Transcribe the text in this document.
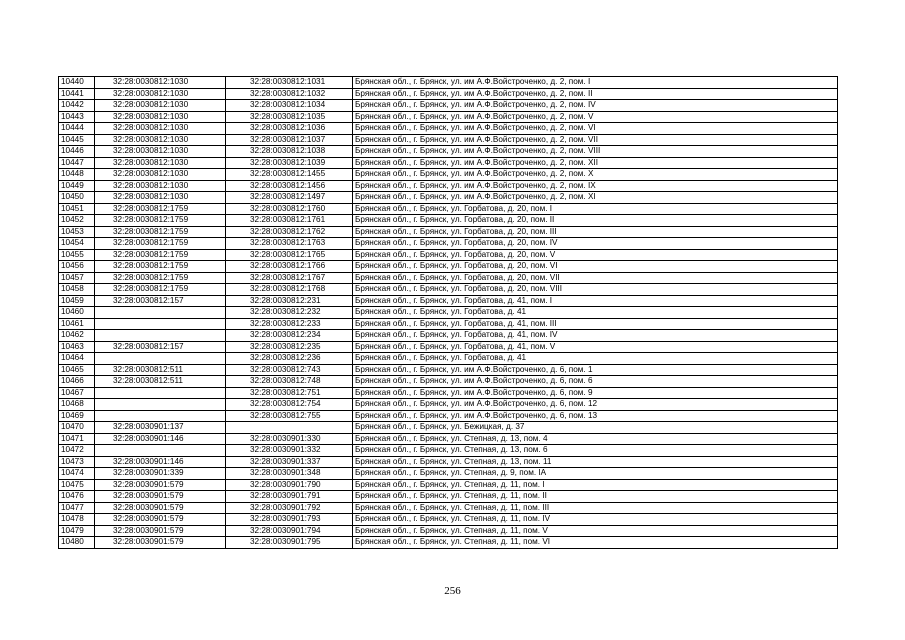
10440	32:28:0030812:1030	32:28:0030812:1031	Брянская обл., г. Брянск, ул. им А.Ф.Войстроченко, д. 2, пом. I
10441	32:28:0030812:1030	32:28:0030812:1032	Брянская обл., г. Брянск, ул. им А.Ф.Войстроченко, д. 2, пом. II
10442	32:28:0030812:1030	32:28:0030812:1034	Брянская обл., г. Брянск, ул. им А.Ф.Войстроченко, д. 2, пом. IV
10443	32:28:0030812:1030	32:28:0030812:1035	Брянская обл., г. Брянск, ул. им А.Ф.Войстроченко, д. 2, пом. V
10444	32:28:0030812:1030	32:28:0030812:1036	Брянская обл., г. Брянск, ул. им А.Ф.Войстроченко, д. 2, пом. VI
10445	32:28:0030812:1030	32:28:0030812:1037	Брянская обл., г. Брянск, ул. им А.Ф.Войстроченко, д. 2, пом. VII
10446	32:28:0030812:1030	32:28:0030812:1038	Брянская обл., г. Брянск, ул. им А.Ф.Войстроченко, д. 2, пом. VIII
10447	32:28:0030812:1030	32:28:0030812:1039	Брянская обл., г. Брянск, ул. им А.Ф.Войстроченко, д. 2, пом. XII
10448	32:28:0030812:1030	32:28:0030812:1455	Брянская обл., г. Брянск, ул. им А.Ф.Войстроченко, д. 2, пом. X
10449	32:28:0030812:1030	32:28:0030812:1456	Брянская обл., г. Брянск, ул. им А.Ф.Войстроченко, д. 2, пом. IX
10450	32:28:0030812:1030	32:28:0030812:1497	Брянская обл., г. Брянск, ул. им А.Ф.Войстроченко, д. 2, пом. XI
10451	32:28:0030812:1759	32:28:0030812:1760	Брянская обл., г. Брянск, ул. Горбатова, д. 20, пом. I
10452	32:28:0030812:1759	32:28:0030812:1761	Брянская обл., г. Брянск, ул. Горбатова, д. 20, пом. II
10453	32:28:0030812:1759	32:28:0030812:1762	Брянская обл., г. Брянск, ул. Горбатова, д. 20, пом. III
10454	32:28:0030812:1759	32:28:0030812:1763	Брянская обл., г. Брянск, ул. Горбатова, д. 20, пом. IV
10455	32:28:0030812:1759	32:28:0030812:1765	Брянская обл., г. Брянск, ул. Горбатова, д. 20, пом. V
10456	32:28:0030812:1759	32:28:0030812:1766	Брянская обл., г. Брянск, ул. Горбатова, д. 20, пом. VI
10457	32:28:0030812:1759	32:28:0030812:1767	Брянская обл., г. Брянск, ул. Горбатова, д. 20, пом. VII
10458	32:28:0030812:1759	32:28:0030812:1768	Брянская обл., г. Брянск, ул. Горбатова, д. 20, пом. VIII
10459	32:28:0030812:157	32:28:0030812:231	Брянская обл., г. Брянск, ул. Горбатова, д. 41, пом. I
10460		32:28:0030812:232	Брянская обл., г. Брянск, ул. Горбатова, д. 41
10461		32:28:0030812:233	Брянская обл., г. Брянск, ул. Горбатова, д. 41, пом. III
10462		32:28:0030812:234	Брянская обл., г. Брянск, ул. Горбатова, д. 41, пом. IV
10463	32:28:0030812:157	32:28:0030812:235	Брянская обл., г. Брянск, ул. Горбатова, д. 41, пом. V
10464		32:28:0030812:236	Брянская обл., г. Брянск, ул. Горбатова, д. 41
10465	32:28:0030812:511	32:28:0030812:743	Брянская обл., г. Брянск, ул. им А.Ф.Войстроченко, д. 6, пом. 1
10466	32:28:0030812:511	32:28:0030812:748	Брянская обл., г. Брянск, ул. им А.Ф.Войстроченко, д. 6, пом. 6
10467		32:28:0030812:751	Брянская обл., г. Брянск, ул. им А.Ф.Войстроченко, д. 6, пом. 9
10468		32:28:0030812:754	Брянская обл., г. Брянск, ул. им А.Ф.Войстроченко, д. 6, пом. 12
10469		32:28:0030812:755	Брянская обл., г. Брянск, ул. им А.Ф.Войстроченко, д. 6, пом. 13
10470	32:28:0030901:137		Брянская обл., г. Брянск, ул. Бежицкая, д. 37
10471	32:28:0030901:146	32:28:0030901:330	Брянская обл., г. Брянск, ул. Степная, д. 13, пом. 4
10472		32:28:0030901:332	Брянская обл., г. Брянск, ул. Степная, д. 13, пом. 6
10473	32:28:0030901:146	32:28:0030901:337	Брянская обл., г. Брянск, ул. Степная, д. 13, пом. 11
10474	32:28:0030901:339	32:28:0030901:348	Брянская обл., г. Брянск, ул. Степная, д. 9, пом. IA
10475	32:28:0030901:579	32:28:0030901:790	Брянская обл., г. Брянск, ул. Степная, д. 11, пом. I
10476	32:28:0030901:579	32:28:0030901:791	Брянская обл., г. Брянск, ул. Степная, д. 11, пом. II
10477	32:28:0030901:579	32:28:0030901:792	Брянская обл., г. Брянск, ул. Степная, д. 11, пом. III
10478	32:28:0030901:579	32:28:0030901:793	Брянская обл., г. Брянск, ул. Степная, д. 11, пом. IV
10479	32:28:0030901:579	32:28:0030901:794	Брянская обл., г. Брянск, ул. Степная, д. 11, пом. V
10480	32:28:0030901:579	32:28:0030901:795	Брянская обл., г. Брянск, ул. Степная, д. 11, пом. VI
256
